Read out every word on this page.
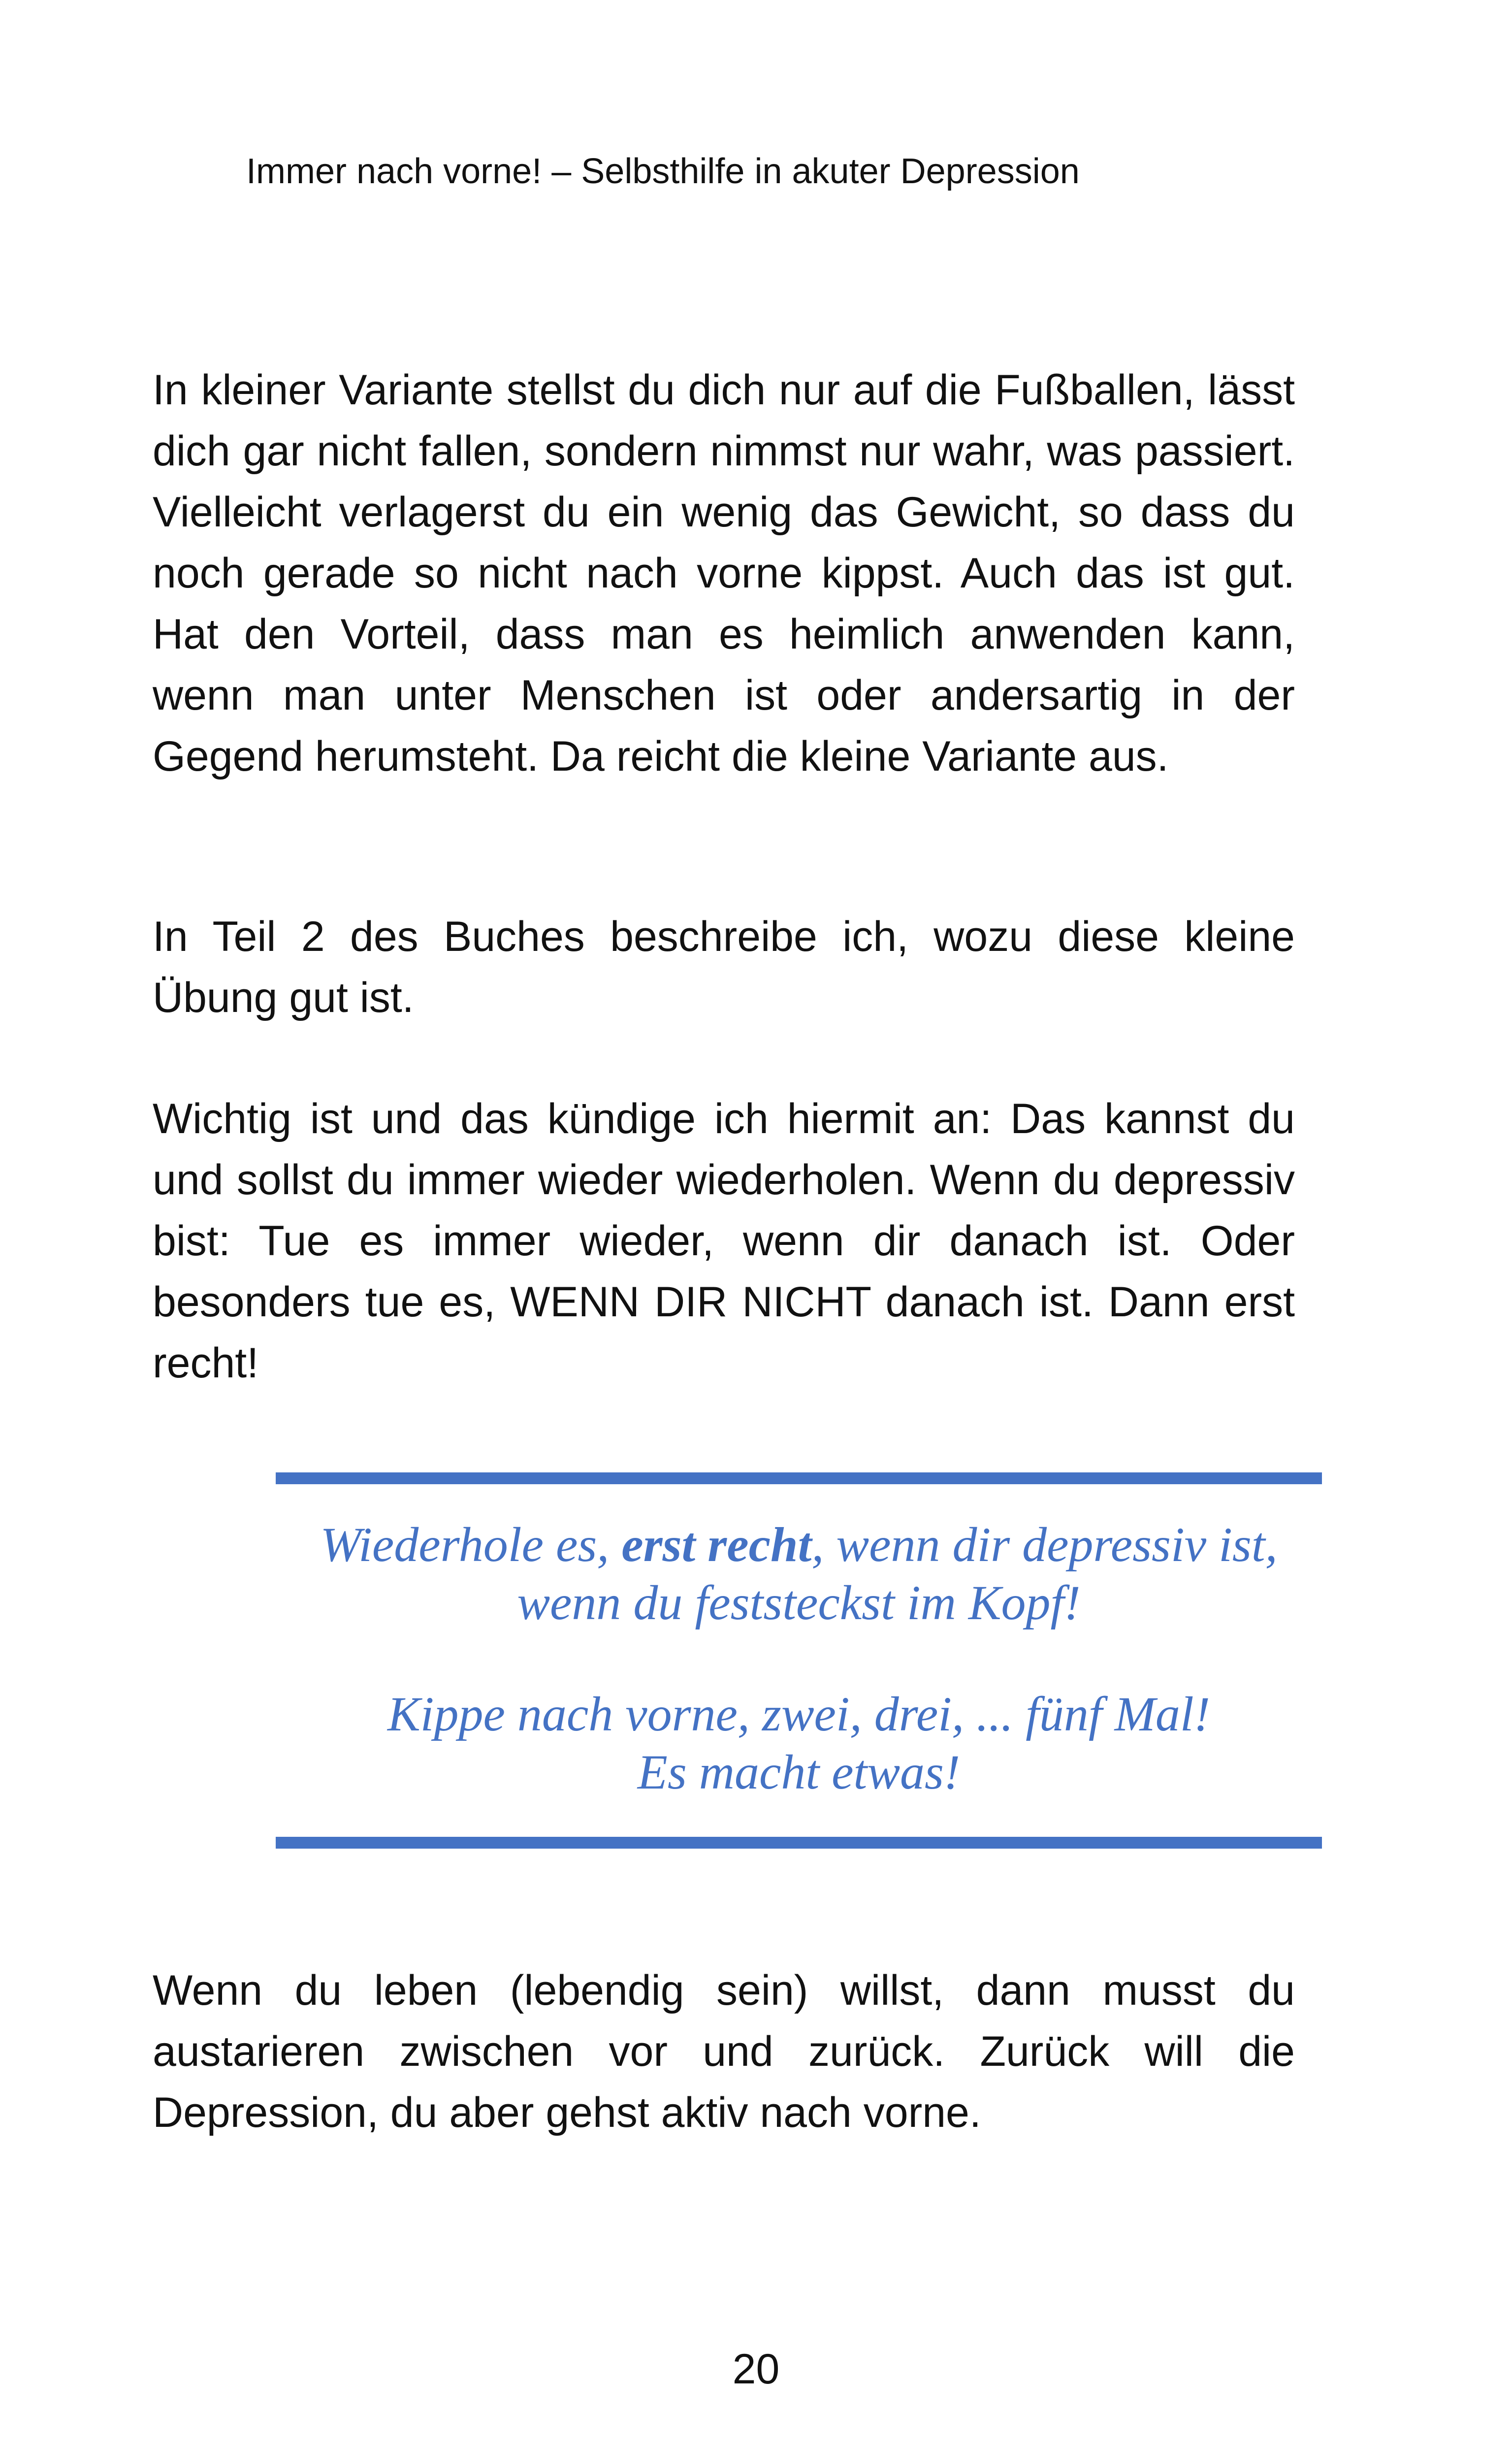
Immer nach vorne! – Selbsthilfe in akuter Depression

In kleiner Variante stellst du dich nur auf die Fußballen, lässt dich gar nicht fallen, sondern nimmst nur wahr, was passiert. Vielleicht verlagerst du ein wenig das Gewicht, so dass du noch gerade so nicht nach vorne kippst. Auch das ist gut. Hat den Vorteil, dass man es heimlich anwenden kann, wenn man unter Menschen ist oder andersartig in der Gegend herumsteht. Da reicht die kleine Variante aus.

In Teil 2 des Buches beschreibe ich, wozu diese kleine Übung gut ist.

Wichtig ist und das kündige ich hiermit an: Das kannst du und sollst du immer wieder wiederholen. Wenn du depressiv bist: Tue es immer wieder, wenn dir danach ist. Oder besonders tue es, WENN DIR NICHT danach ist. Dann erst recht!

Wiederhole es, erst recht, wenn dir depressiv ist,
wenn du feststeckst im Kopf!
Kippe nach vorne, zwei, drei, ... fünf Mal!
Es macht etwas!

Wenn du leben (lebendig sein) willst, dann musst du austarieren zwischen vor und zurück. Zurück will die Depression, du aber gehst aktiv nach vorne.

20
